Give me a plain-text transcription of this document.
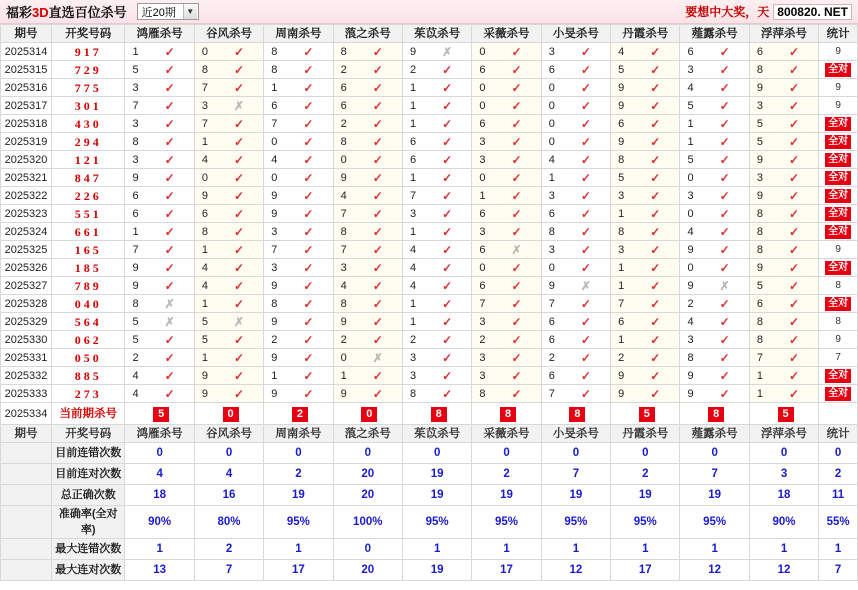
福彩3D直选百位杀号 近20期	▼	要想中大奖，天 800820. NET
期号	开奖号码	鸿雁杀号	谷风杀号	周南杀号	蒗之杀号	茱苡杀号	采薇杀号	小旻杀号	丹霞杀号	薤露杀号	浮萍杀号	统计
2025314	917	1 ✓	0 ✓	8 ✓	8 ✓	9 ✗	0 ✓	3 ✓	4 ✓	6 ✓	6 ✓	9
2025315	729	5 ✓	8 ✓	8 ✓	2 ✓	2 ✓	6 ✓	6 ✓	5 ✓	3 ✓	8 ✓	全对
2025316	775	3 ✓	7 ✓	1 ✓	6 ✓	1 ✓	0 ✓	0 ✓	9 ✓	4 ✓	9 ✓	9
2025317	301	7 ✓	3 ✗	6 ✓	6 ✓	1 ✓	0 ✓	0 ✓	9 ✓	5 ✓	3 ✓	9
2025318	430	3 ✓	7 ✓	7 ✓	2 ✓	1 ✓	6 ✓	0 ✓	6 ✓	1 ✓	5 ✓	全对
2025319	294	8 ✓	1 ✓	0 ✓	8 ✓	6 ✓	3 ✓	0 ✓	9 ✓	1 ✓	5 ✓	全对
2025320	121	3 ✓	4 ✓	4 ✓	0 ✓	6 ✓	3 ✓	4 ✓	8 ✓	5 ✓	9 ✓	全对
2025321	847	9 ✓	0 ✓	0 ✓	9 ✓	1 ✓	0 ✓	1 ✓	5 ✓	0 ✓	3 ✓	全对
2025322	226	6 ✓	9 ✓	9 ✓	4 ✓	7 ✓	1 ✓	3 ✓	3 ✓	3 ✓	9 ✓	全对
2025323	551	6 ✓	6 ✓	9 ✓	7 ✓	3 ✓	6 ✓	6 ✓	1 ✓	0 ✓	8 ✓	全对
2025324	661	1 ✓	8 ✓	3 ✓	8 ✓	1 ✓	3 ✓	8 ✓	8 ✓	4 ✓	8 ✓	全对
2025325	165	7 ✓	1 ✓	7 ✓	7 ✓	4 ✓	6 ✗	3 ✓	3 ✓	9 ✓	8 ✓	9
2025326	185	9 ✓	4 ✓	3 ✓	3 ✓	4 ✓	0 ✓	0 ✓	1 ✓	0 ✓	9 ✓	全对
2025327	789	9 ✓	4 ✓	9 ✓	4 ✓	4 ✓	6 ✓	9 ✗	1 ✓	9 ✗	5 ✓	8
2025328	040	8 ✗	1 ✓	8 ✓	8 ✓	1 ✓	7 ✓	7 ✓	7 ✓	2 ✓	6 ✓	全对
2025329	564	5 ✗	5 ✗	9 ✓	9 ✓	1 ✓	3 ✓	6 ✓	6 ✓	4 ✓	8 ✓	8
2025330	062	5 ✓	5 ✓	2 ✓	2 ✓	2 ✓	2 ✓	6 ✓	1 ✓	3 ✓	8 ✓	9
2025331	050	2 ✓	1 ✓	9 ✓	0 ✗	3 ✓	3 ✓	2 ✓	2 ✓	8 ✓	7 ✓	7
2025332	885	4 ✓	9 ✓	1 ✓	1 ✓	3 ✓	3 ✓	6 ✓	9 ✓	9 ✓	1 ✓	全对
2025333	273	4 ✓	9 ✓	9 ✓	9 ✓	8 ✓	8 ✓	7 ✓	9 ✓	9 ✓	1 ✓	全对
2025334	当前期杀号	5	0	2	0	8	8	8	5	8	5	

期号	开奖号码	鸿雁杀号	谷风杀号	周南杀号	蒗之杀号	茱苡杀号	采薇杀号	小旻杀号	丹霞杀号	薤露杀号	浮萍杀号	统计
	目前连错次数	0	0	0	0	0	0	0	0	0	0	0
	目前连对次数	4	4	2	20	19	2	7	2	7	3	2
	总正确次数	18	16	19	20	19	19	19	19	19	18	11
	准确率(全对率)	90%	80%	95%	100%	95%	95%	95%	95%	95%	90%	55%
	最大连错次数	1	2	1	0	1	1	1	1	1	1	1
	最大连对次数	13	7	17	20	19	17	12	17	12	12	7
